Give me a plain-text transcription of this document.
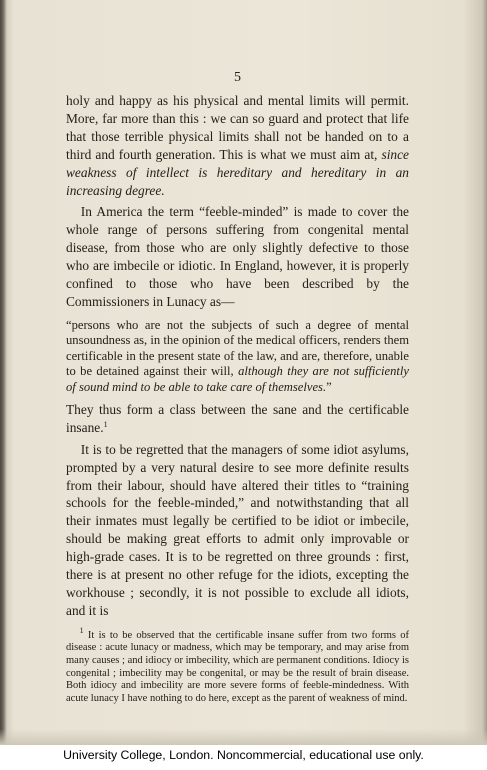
5

holy and happy as his physical and mental limits will permit. More, far more than this : we can so guard and protect that life that those terrible physical limits shall not be handed on to a third and fourth generation. This is what we must aim at, since weakness of intellect is hereditary and hereditary in an increasing degree.

In America the term “feeble-minded” is made to cover the whole range of persons suffering from congenital mental disease, from those who are only slightly defective to those who are imbecile or idiotic. In England, however, it is properly confined to those who have been described by the Commissioners in Lunacy as—

“persons who are not the subjects of such a degree of mental unsoundness as, in the opinion of the medical officers, renders them certificable in the present state of the law, and are, therefore, unable to be detained against their will, although they are not sufficiently of sound mind to be able to take care of themselves.”

They thus form a class between the sane and the certificable insane.$^1$

It is to be regretted that the managers of some idiot asylums, prompted by a very natural desire to see more definite results from their labour, should have altered their titles to “training schools for the feeble-minded,” and notwithstanding that all their inmates must legally be certified to be idiot or imbecile, should be making great efforts to admit only improvable or high-grade cases. It is to be regretted on three grounds : first, there is at present no other refuge for the idiots, excepting the workhouse ; secondly, it is not possible to exclude all idiots, and it is

$^1$ It is to be observed that the certificable insane suffer from two forms of disease : acute lunacy or madness, which may be temporary, and may arise from many causes ; and idiocy or imbecility, which are permanent conditions. Idiocy is congenital ; imbecility may be congenital, or may be the result of brain disease. Both idiocy and imbecility are more severe forms of feeble-mindedness. With acute lunacy I have nothing to do here, except as the parent of weakness of mind.
University College, London. Noncommercial, educational use only.
